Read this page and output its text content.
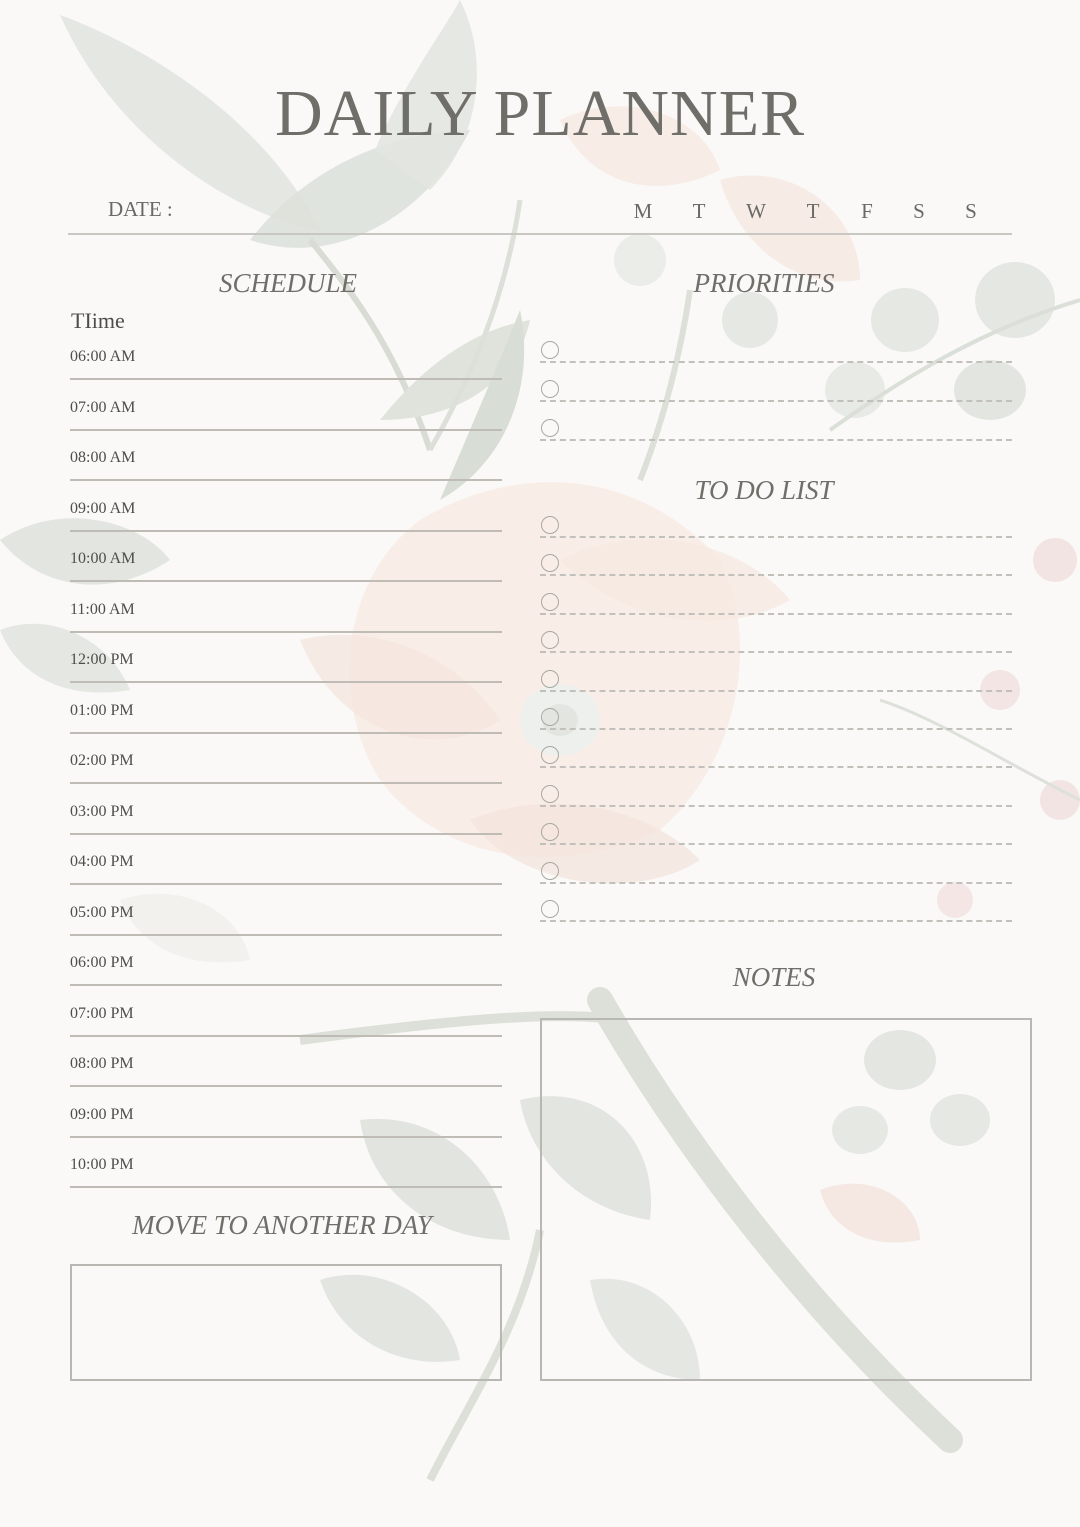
DAILY PLANNER
DATE :	M	T	W	T	F	S	S
SCHEDULE
TIime
06:00 AM
07:00 AM
08:00 AM
09:00 AM
10:00 AM
11:00 AM
12:00 PM
01:00 PM
02:00 PM
03:00 PM
04:00 PM
05:00 PM
06:00 PM
07:00 PM
08:00 PM
09:00 PM
10:00 PM
MOVE TO ANOTHER DAY
PRIORITIES
TO DO LIST
NOTES
